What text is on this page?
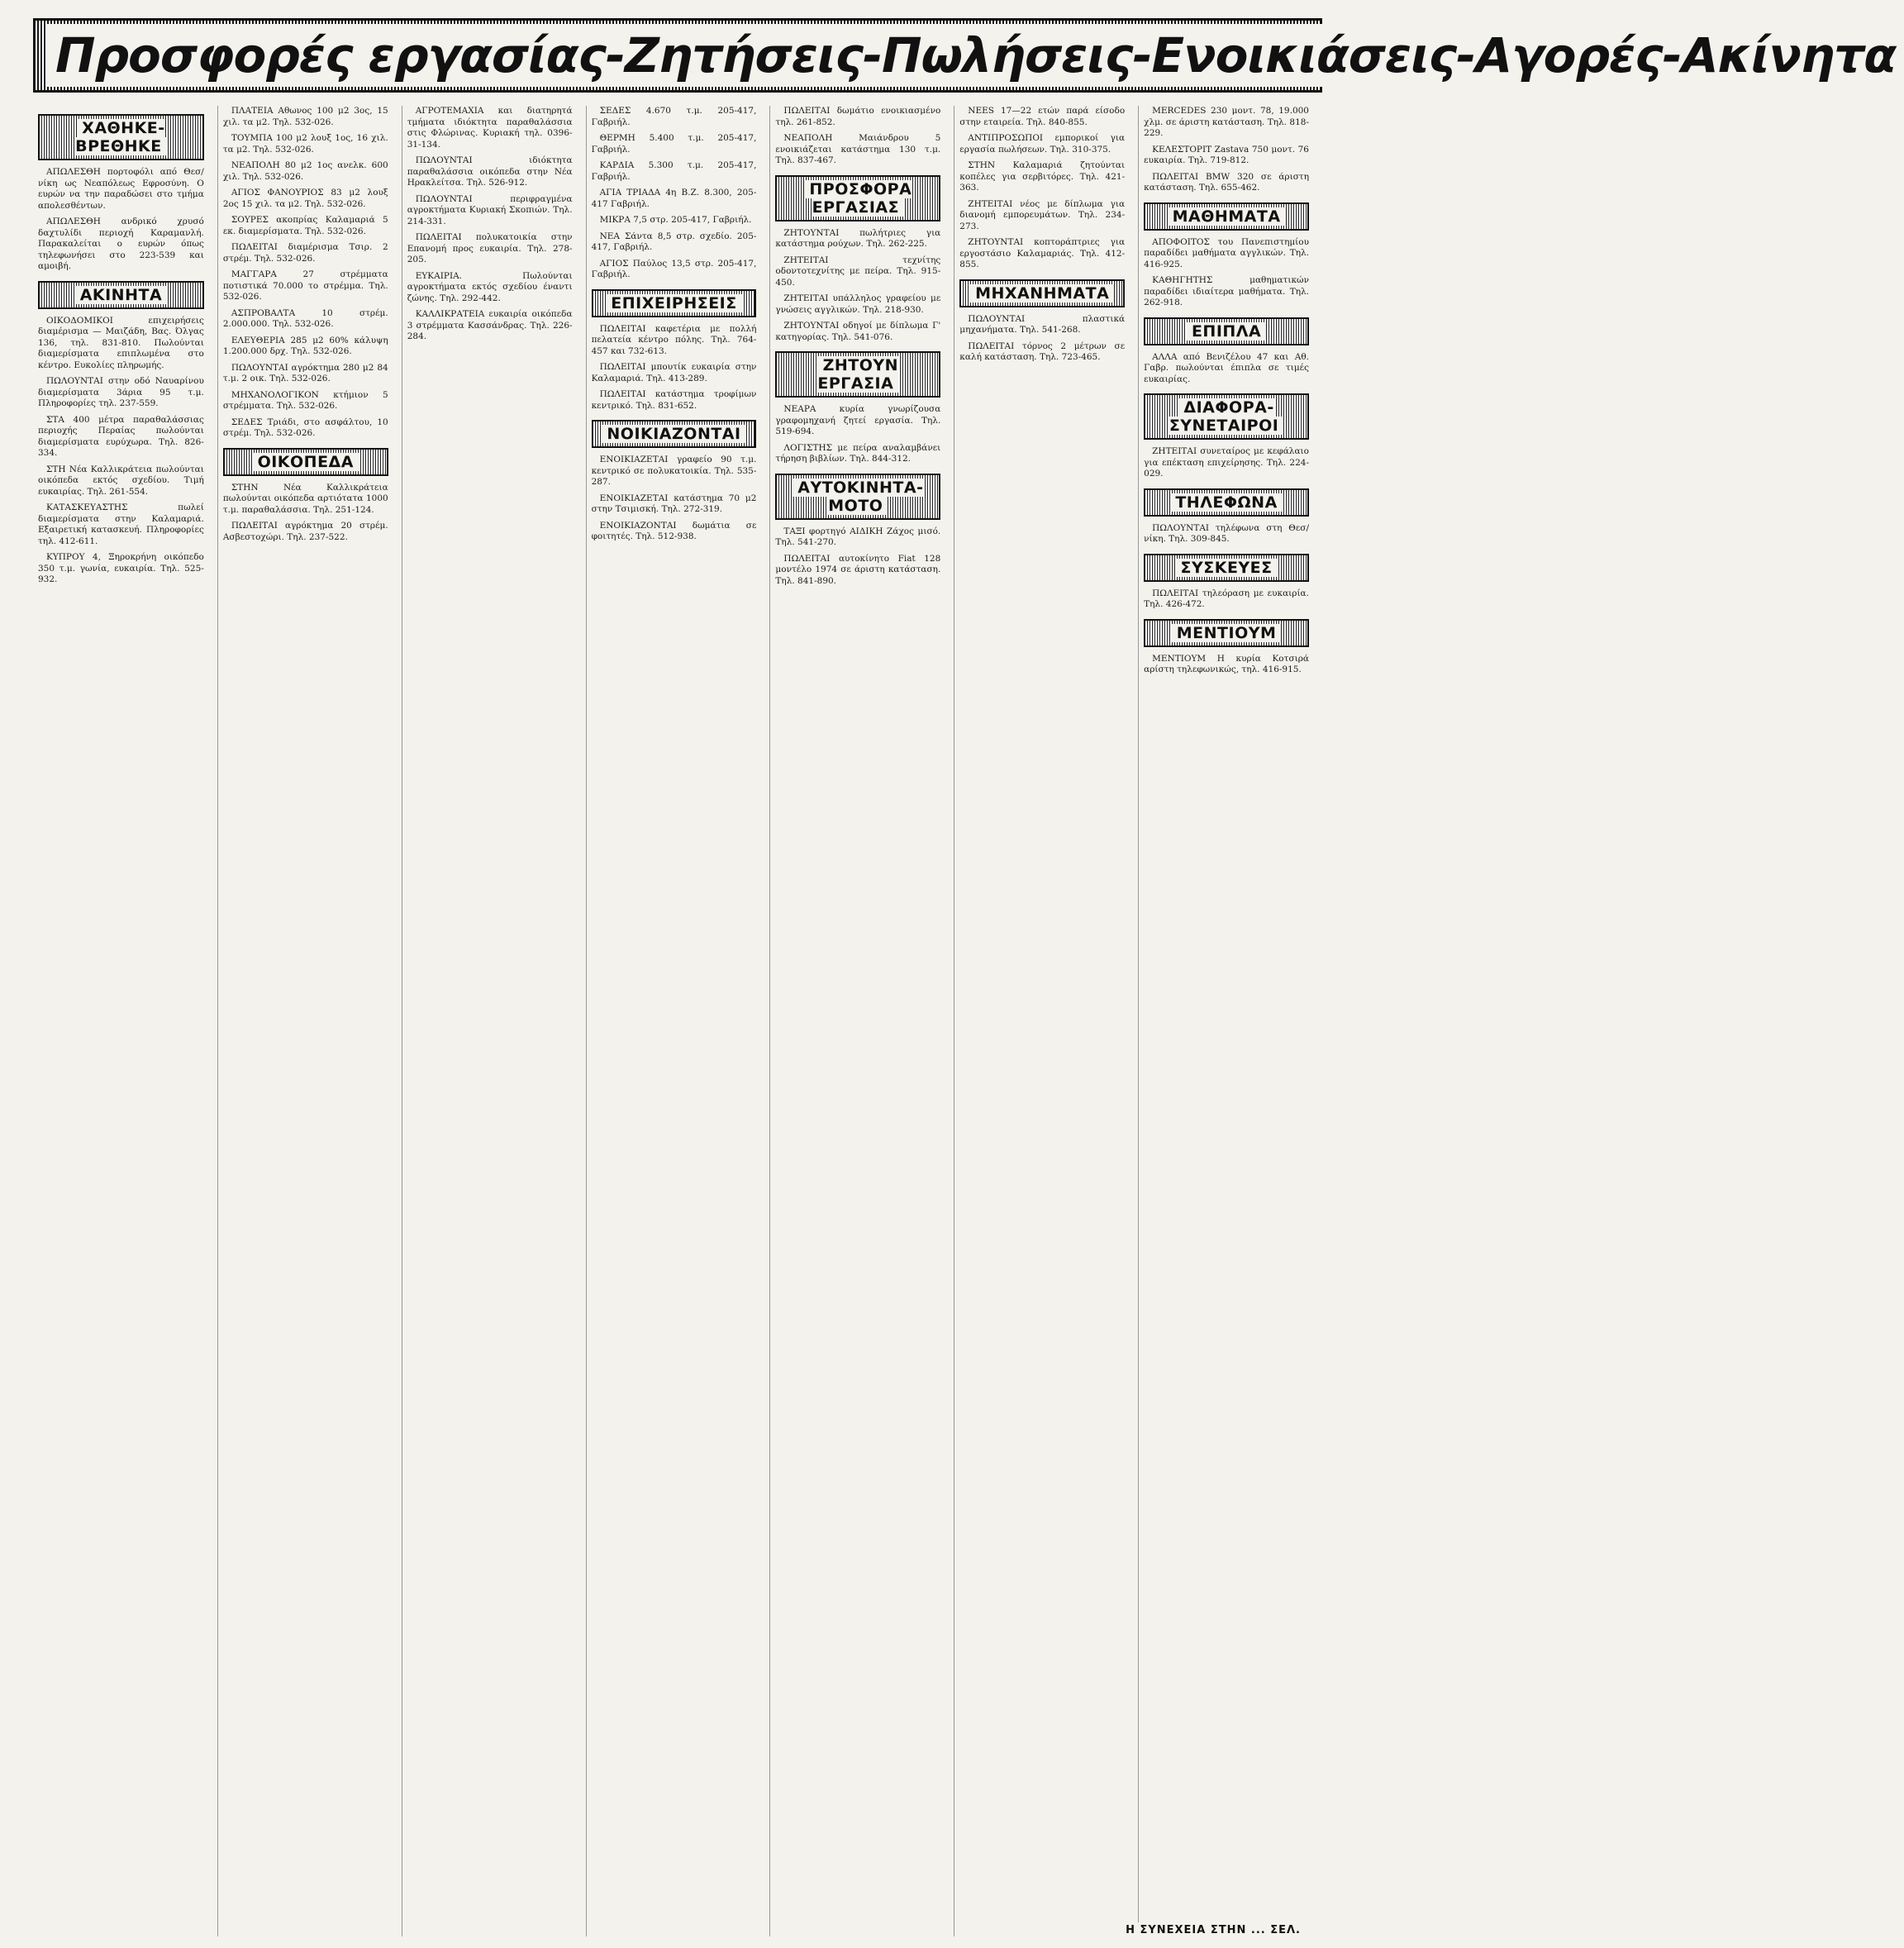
Προσφορές εργασίας-Ζητήσεις-Πωλήσεις-Ενοικιάσεις-Αγορές-Ακίνητα
ΧΑΘΗΚΕ-ΒΡΕΘΗΚΕ

ΑΠΩΛΕΣΘΗ πορτοφόλι από Θεσ/νίκη ως Νεαπόλεως Εφροσύνη. Ο ευρών να την παραδώσει στο τμήμα απολεσθέντων.

ΑΠΩΛΕΣΘΗ ανδρικό χρυσό δαχτυλίδι περιοχή Καραμανλή. Παρακαλείται ο ευρών όπως τηλεφωνήσει στο 223-539 και αμοιβή.

ΑΚΙΝΗΤΑ

ΟΙΚΟΔΟΜΙΚΟΙ επιχειρήσεις διαμέρισμα — Μαιζάδη, Βας. Όλγας 136, τηλ. 831-810. Πωλούνται διαμερίσματα επιπλωμένα στο κέντρο. Ευκολίες πληρωμής.

ΠΩΛΟΥΝΤΑΙ στην οδό Ναυαρίνου διαμερίσματα 3άρια 95 τ.μ. Πληροφορίες τηλ. 237-559.

ΣΤΑ 400 μέτρα παραθαλάσσιας περιοχής Περαίας πωλούνται διαμερίσματα ευρύχωρα. Τηλ. 826-334.

ΣΤΗ Νέα Καλλικράτεια πωλούνται οικόπεδα εκτός σχεδίου. Τιμή ευκαιρίας. Τηλ. 261-554.

ΚΑΤΑΣΚΕΥΑΣΤΗΣ πωλεί διαμερίσματα στην Καλαμαριά. Εξαιρετική κατασκευή. Πληροφορίες τηλ. 412-611.

ΚΥΠΡΟΥ 4, Ξηροκρήνη οικόπεδο 350 τ.μ. γωνία, ευκαιρία. Τηλ. 525-932.

ΠΛΑΤΕΙΑ Αθωνος 100 μ2 3ος, 15 χιλ. τα μ2. Τηλ. 532-026.

ΤΟΥΜΠΑ 100 μ2 λουξ 1ος, 16 χιλ. τα μ2. Τηλ. 532-026.

ΝΕΑΠΟΛΗ 80 μ2 1ος ανελκ. 600 χιλ. Τηλ. 532-026.

ΑΓΙΟΣ ΦΑΝΟΥΡΙΟΣ 83 μ2 λουξ 2ος 15 χιλ. τα μ2. Τηλ. 532-026.

ΣΟΥΡΕΣ ακοπρίας Καλαμαριά 5 εκ. διαμερίσματα. Τηλ. 532-026.

ΠΩΛΕΙΤΑΙ διαμέρισμα Τσιρ. 2 στρέμ. Τηλ. 532-026.

ΜΑΓΓΑΡΑ 27 στρέμματα ποτιστικά 70.000 το στρέμμα. Τηλ. 532-026.

ΑΣΠΡΟΒΑΛΤΑ 10 στρέμ. 2.000.000. Τηλ. 532-026.

ΕΛΕΥΘΕΡΙΑ 285 μ2 60% κάλυψη 1.200.000 δρχ. Τηλ. 532-026.

ΠΩΛΟΥΝΤΑΙ αγρόκτημα 280 μ2 84 τ.μ. 2 οικ. Τηλ. 532-026.

ΜΗΧΑΝΟΛΟΓΙΚΟΝ κτήμιον 5 στρέμματα. Τηλ. 532-026.

ΣΕΔΕΣ Τριάδι, στο ασφάλτου, 10 στρέμ. Τηλ. 532-026.

ΟΙΚΟΠΕΔΑ

ΣΤΗΝ Νέα Καλλικράτεια πωλούνται οικόπεδα αρτιότατα 1000 τ.μ. παραθαλάσσια. Τηλ. 251-124.

ΠΩΛΕΙΤΑΙ αγρόκτημα 20 στρέμ. Ασβεστοχώρι. Τηλ. 237-522.

ΑΓΡΟΤΕΜΑΧΙΑ και διατηρητά τμήματα ιδιόκτητα παραθαλάσσια στις Φλώρινας. Κυριακή τηλ. 0396-31-134.

ΠΩΛΟΥΝΤΑΙ ιδιόκτητα παραθαλάσσια οικόπεδα στην Νέα Ηρακλείτσα. Τηλ. 526-912.

ΠΩΛΟΥΝΤΑΙ περιφραγμένα αγροκτήματα Κυριακή Σκοπιών. Τηλ. 214-331.

ΠΩΛΕΙΤΑΙ πολυκατοικία στην Επανομή προς ευκαιρία. Τηλ. 278-205.

ΕΥΚΑΙΡΙΑ. Πωλούνται αγροκτήματα εκτός σχεδίου έναντι ζώνης. Τηλ. 292-442.

ΚΑΛΛΙΚΡΑΤΕΙΑ ευκαιρία οικόπεδα 3 στρέμματα Κασσάνδρας. Τηλ. 226-284.

ΣΕΔΕΣ 4.670 τ.μ. 205-417, Γαβριήλ.

ΘΕΡΜΗ 5.400 τ.μ. 205-417, Γαβριήλ.

ΚΑΡΔΙΑ 5.300 τ.μ. 205-417, Γαβριήλ.

ΑΓΙΑ ΤΡΙΑΔΑ 4η Β.Ζ. 8.300, 205-417 Γαβριήλ.

ΜΙΚΡΑ 7,5 στρ. 205-417, Γαβριήλ.

ΝΕΑ Σάντα 8,5 στρ. σχεδίο. 205-417, Γαβριήλ.

ΑΓΙΟΣ Παύλος 13,5 στρ. 205-417, Γαβριήλ.

ΕΠΙΧΕΙΡΗΣΕΙΣ

ΠΩΛΕΙΤΑΙ καφετέρια με πολλή πελατεία κέντρο πόλης. Τηλ. 764-457 και 732-613.

ΠΩΛΕΙΤΑΙ μπουτίκ ευκαιρία στην Καλαμαριά. Τηλ. 413-289.

ΠΩΛΕΙΤΑΙ κατάστημα τροφίμων κεντρικό. Τηλ. 831-652.

ΝΟΙΚΙΑΖΟΝΤΑΙ

ΕΝΟΙΚΙΑΖΕΤΑΙ γραφείο 90 τ.μ. κεντρικό σε πολυκατοικία. Τηλ. 535-287.

ΕΝΟΙΚΙΑΖΕΤΑΙ κατάστημα 70 μ2 στην Τσιμισκή. Τηλ. 272-319.

ΕΝΟΙΚΙΑΖΟΝΤΑΙ δωμάτια σε φοιτητές. Τηλ. 512-938.

ΠΩΛΕΙΤΑΙ δωμάτιο ενοικιασμένο τηλ. 261-852.

ΝΕΑΠΟΛΗ Μαιάνδρου 5 ενοικιάζεται κατάστημα 130 τ.μ. Τηλ. 837-467.

ΠΡΟΣΦΟΡΑ ΕΡΓΑΣΙΑΣ

ΖΗΤΟΥΝΤΑΙ πωλήτριες για κατάστημα ρούχων. Τηλ. 262-225.

ΖΗΤΕΙΤΑΙ τεχνίτης οδοντοτεχνίτης με πείρα. Τηλ. 915-450.

ΖΗΤΕΙΤΑΙ υπάλληλος γραφείου με γνώσεις αγγλικών. Τηλ. 218-930.

ΖΗΤΟΥΝΤΑΙ οδηγοί με δίπλωμα Γ' κατηγορίας. Τηλ. 541-076.

ΖΗΤΟΥΝ ΕΡΓΑΣΙΑ

ΝΕΑΡΑ κυρία γνωρίζουσα γραφομηχανή ζητεί εργασία. Τηλ. 519-694.

ΛΟΓΙΣΤΗΣ με πείρα αναλαμβάνει τήρηση βιβλίων. Τηλ. 844-312.

ΑΥΤΟΚΙΝΗΤΑ-ΜΟΤΟ

ΤΑΞΙ φορτηγό ΑΙΔΙΚΗ Ζάχος μισό. Τηλ. 541-270.

ΠΩΛΕΙΤΑΙ αυτοκίνητο Fiat 128 μοντέλο 1974 σε άριστη κατάσταση. Τηλ. 841-890.

NEES 17—22 ετών παρά είσοδο στην εταιρεία. Τηλ. 840-855.

ΑΝΤΙΠΡΟΣΩΠΟΙ εμπορικοί για εργασία πωλήσεων. Τηλ. 310-375.

ΣΤΗΝ Καλαμαριά ζητούνται κοπέλες για σερβιτόρες. Τηλ. 421-363.

ΖΗΤΕΙΤΑΙ νέος με δίπλωμα για διανομή εμπορευμάτων. Τηλ. 234-273.

ΖΗΤΟΥΝΤΑΙ κοπτοράπτριες για εργοστάσιο Καλαμαριάς. Τηλ. 412-855.

ΜΗΧΑΝΗΜΑΤΑ

ΠΩΛΟΥΝΤΑΙ πλαστικά μηχανήματα. Τηλ. 541-268.

ΠΩΛΕΙΤΑΙ τόρνος 2 μέτρων σε καλή κατάσταση. Τηλ. 723-465.

MERCEDES 230 μοντ. 78, 19.000 χλμ. σε άριστη κατάσταση. Τηλ. 818-229.

ΚΕΛΕΣΤΟΡΙΤ Zastava 750 μοντ. 76 ευκαιρία. Τηλ. 719-812.

ΠΩΛΕΙΤΑΙ BMW 320 σε άριστη κατάσταση. Τηλ. 655-462.

ΜΑΘΗΜΑΤΑ

ΑΠΟΦΟΙΤΟΣ του Πανεπιστημίου παραδίδει μαθήματα αγγλικών. Τηλ. 416-925.

ΚΑΘΗΓΗΤΗΣ μαθηματικών παραδίδει ιδιαίτερα μαθήματα. Τηλ. 262-918.

ΕΠΙΠΛΑ

ΑΛΛΑ από Βενιζέλου 47 και Αθ. Γαβρ. πωλούνται έπιπλα σε τιμές ευκαιρίας.

ΔΙΑΦΟΡΑ-ΣΥΝΕΤΑΙΡΟΙ

ΖΗΤΕΙΤΑΙ συνεταίρος με κεφάλαιο για επέκταση επιχείρησης. Τηλ. 224-029.

ΤΗΛΕΦΩΝΑ

ΠΩΛΟΥΝΤΑΙ τηλέφωνα στη Θεσ/νίκη. Τηλ. 309-845.

ΣΥΣΚΕΥΕΣ

ΠΩΛΕΙΤΑΙ τηλεόραση με ευκαιρία. Τηλ. 426-472.

ΜΕΝΤΙΟΥΜ

ΜΕΝΤΙΟΥΜ Η κυρία Κοτσιρά αρίστη τηλεφωνικώς, τηλ. 416-915.

Η ΣΥΝΕΧΕΙΑ ΣΤΗΝ ... ΣΕΛ.
